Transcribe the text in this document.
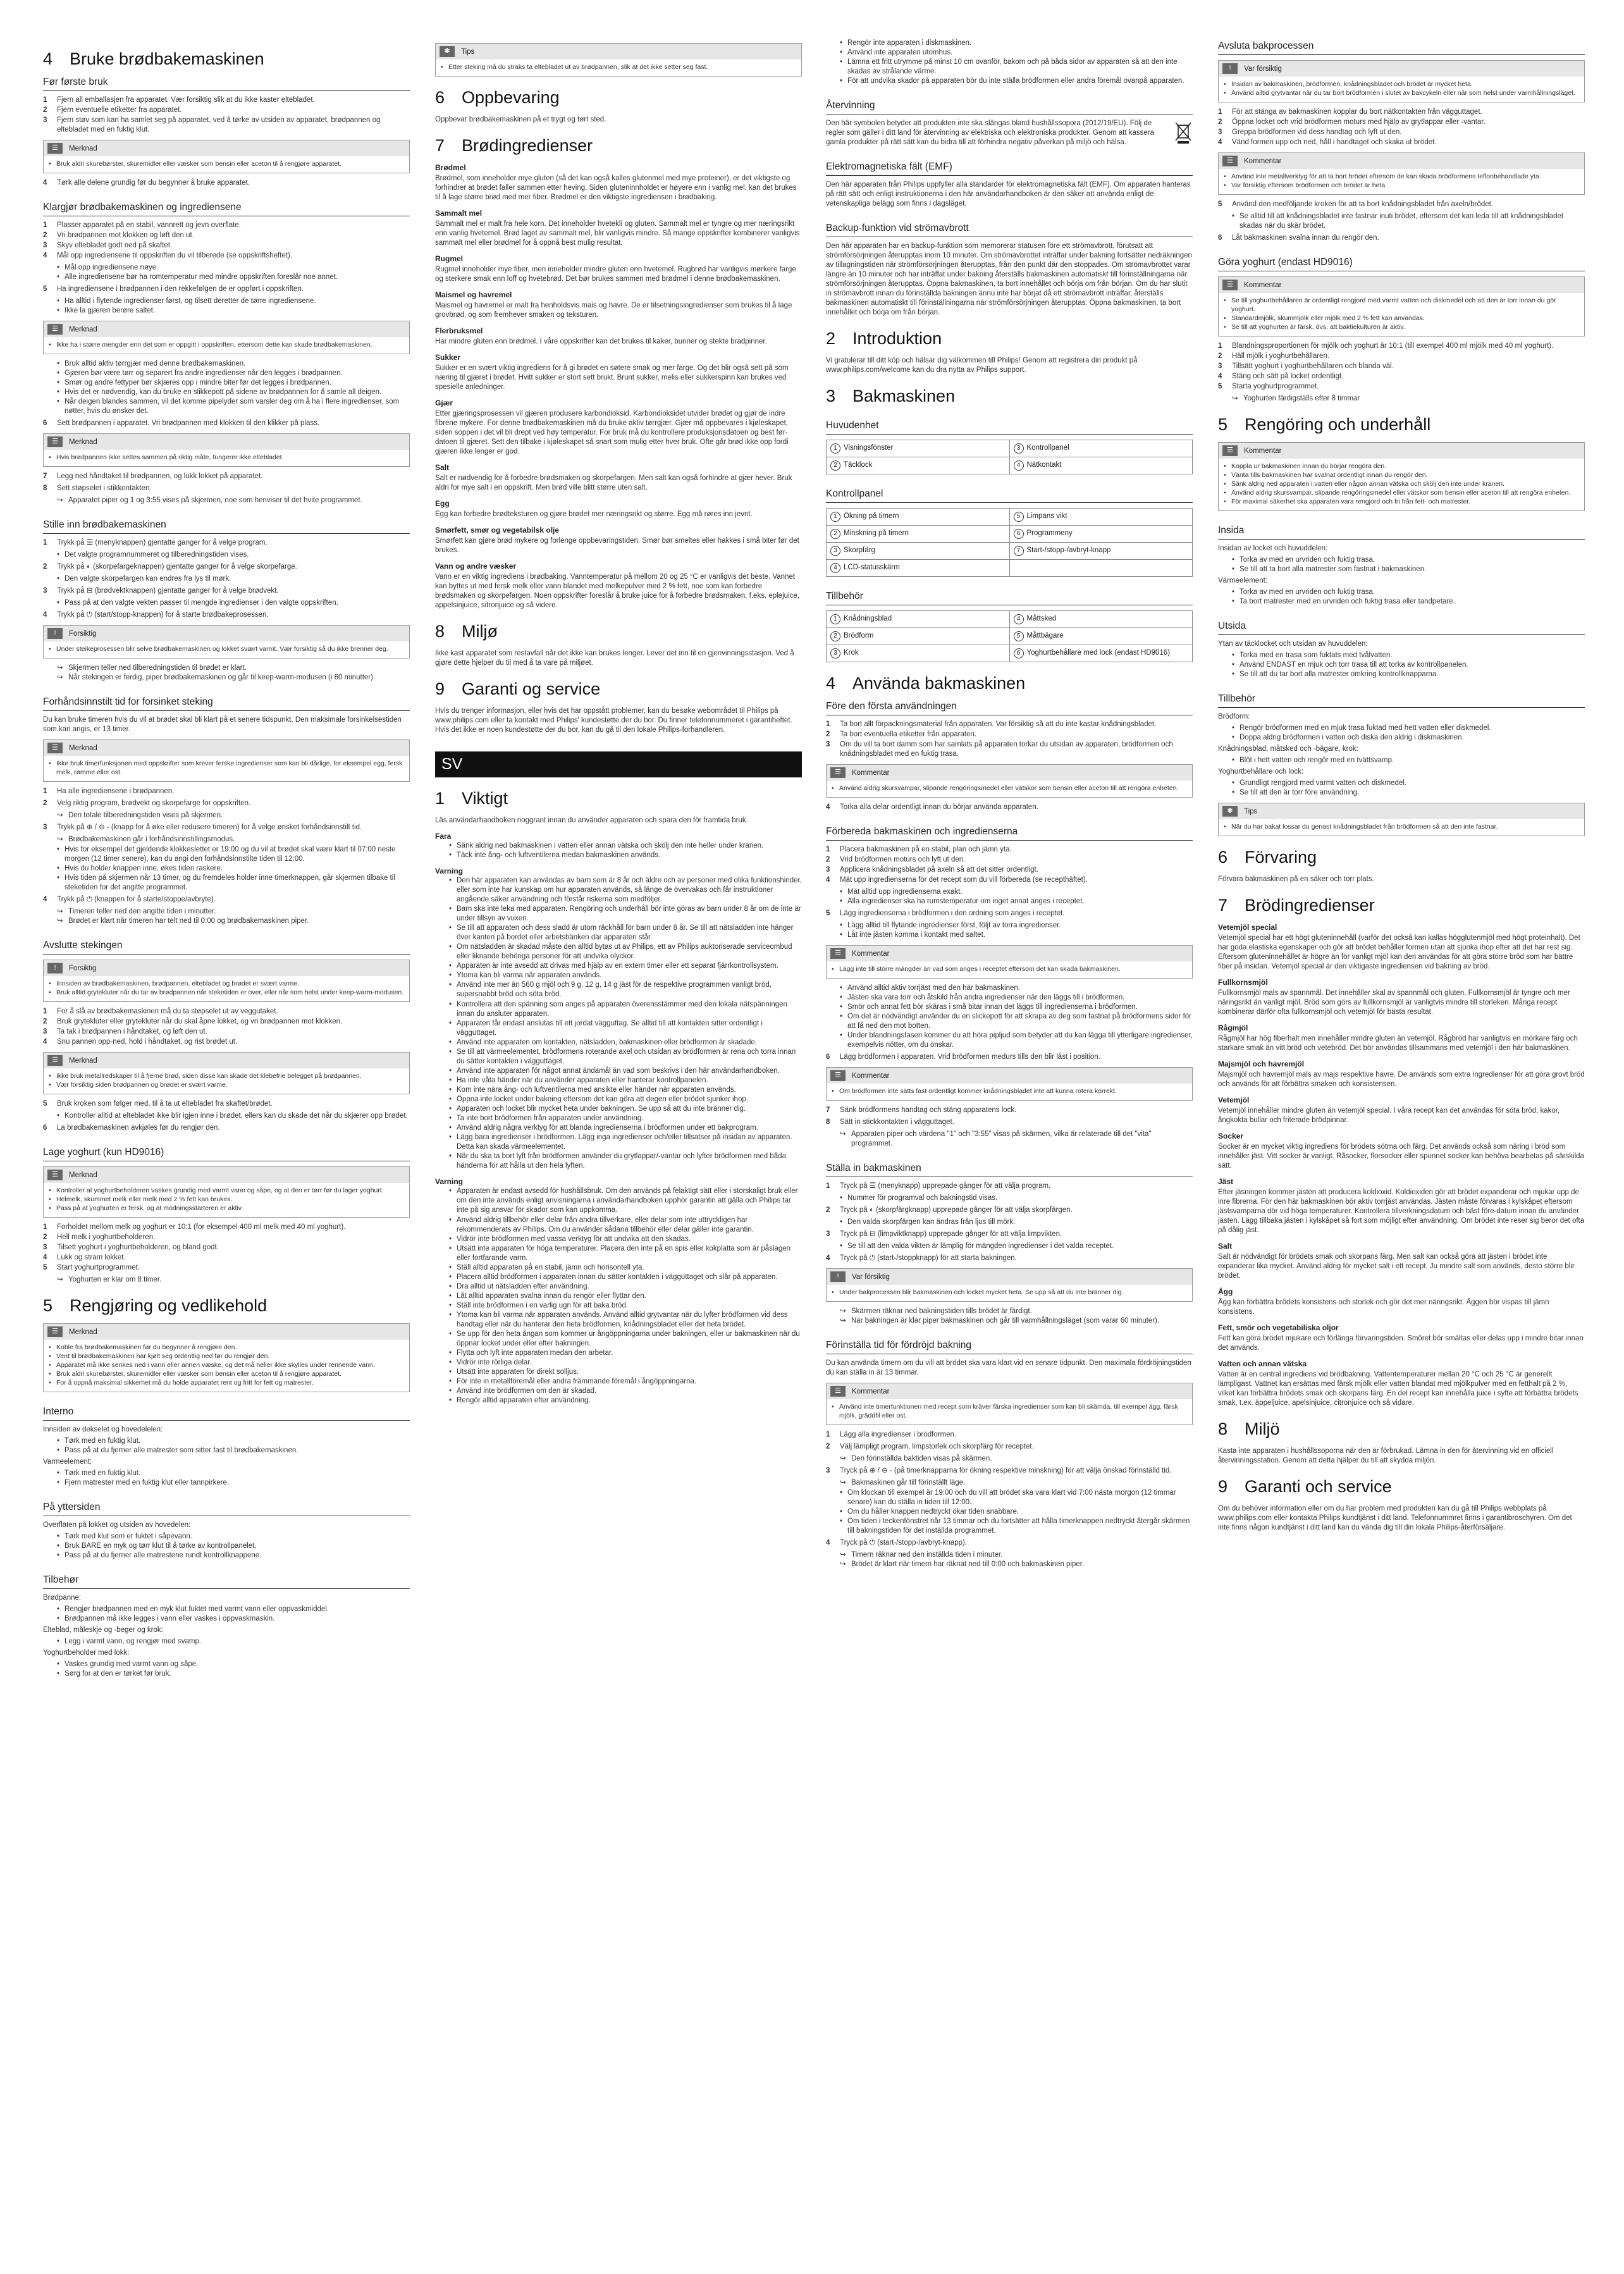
4 Bruke brødbakemaskinen
Før første bruk
1 Fjern all emballasjen fra apparatet. Vær forsiktig slik at du ikke kaster eltebladet.
2 Fjern eventuelle etiketter fra apparatet.
3 Fjern støv som kan ha samlet seg på apparatet, ved å tørke av utsiden av apparatet, brødpannen og eltebladet med en fuktig klut.
☰	Merknad
• Bruk aldri skurebørster, skuremidler eller væsker som bensin eller aceton til å rengjøre apparatet.
4 Tørk alle delene grundig før du begynner å bruke apparatet.
Klargjør brødbakemaskinen og ingrediensene
1 Plasser apparatet på en stabil, vannrett og jevn overflate.
2 Vri brødpannen mot klokken og løft den ut.
3 Skyv eltebladet godt ned på skaftet.
4 Mål opp ingrediensene til oppskriften du vil tilberede (se oppskriftsheftet).
• Mål opp ingrediensene nøye.
• Alle ingrediensene bør ha romtemperatur med mindre oppskriften foreslår noe annet.
5 Ha ingrediensene i brødpannen i den rekkefølgen de er oppført i oppskriften.
• Ha alltid i flytende ingredienser først, og tilsett deretter de tørre ingrediensene.
• Ikke la gjæren berøre saltet.
☰	Merknad
• Ikke ha i større mengder enn det som er oppgitt i oppskriften, ettersom dette kan skade brødbakemaskinen.
• Bruk alltid aktiv tørrgjær med denne brødbakemaskinen.
• Gjæren bør være tørr og separert fra andre ingredienser når den legges i brødpannen.
• Smør og andre fettyper bør skjæres opp i mindre biter før det legges i brødpannen.
• Hvis det er nødvendig, kan du bruke en slikkepott på sidene av brødpannen for å samle all deigen.
• Når deigen blandes sammen, vil det komme pipelyder som varsler deg om å ha i flere ingredienser, som nøtter, hvis du ønsker det.
6 Sett brødpannen i apparatet. Vri brødpannen med klokken til den klikker på plass.
☰	Merknad
• Hvis brødpannen ikke settes sammen på riktig måte, fungerer ikke eltebladet.
7 Legg ned håndtaket til brødpannen, og lukk lokket på apparatet.
8 Sett støpselet i stikkontakten.
↪ Apparatet piper og 1 og 3:55 vises på skjermen, noe som henviser til det hvite programmet.
Stille inn brødbakemaskinen
1 Trykk på ☰ (menyknappen) gjentatte ganger for å velge program.
• Det valgte programnummeret og tilberedningstiden vises.
2 Trykk på ◐ (skorpefargeknappen) gjentatte ganger for å velge skorpefarge.
• Den valgte skorpefargen kan endres fra lys til mørk.
3 Trykk på ⊟ (brødvektknappen) gjentatte ganger for å velge brødvekt.
• Pass på at den valgte vekten passer til mengde ingredienser i den valgte oppskriften.
4 Trykk på ⏻ (start/stopp-knappen) for å starte brødbakeprosessen.
!	Forsiktig
• Under steikeprosessen blir selve brødbakemaskinen og lokket svært varmt. Vær forsiktig så du ikke brenner deg.
↪ Skjermen teller ned tilberedningstiden til brødet er klart.
↪ Når stekingen er ferdig, piper brødbakemaskinen og går til keep-warm-modusen (i 60 minutter).
Forhåndsinnstilt tid for forsinket steking

Du kan bruke timeren hvis du vil at brødet skal bli klart på et senere tidspunkt. Den maksimale forsinkelsestiden som kan angis, er 13 timer.

☰	Merknad
• Ikke bruk timerfunksjonen med oppskrifter som krever ferske ingredienser som kan bli dårlige, for eksempel egg, fersk melk, rømme eller ost.
1 Ha alle ingrediensene i brødpannen.
2 Velg riktig program, brødvekt og skorpefarge for oppskriften.
↪ Den totale tilberedningstiden vises på skjermen.
3 Trykk på ⊕ / ⊖ - (knapp for å øke eller redusere timeren) for å velge ønsket forhåndsinnstilt tid.
↪ Brødbakemaskinen går i forhåndsinnstillingsmodus.
• Hvis for eksempel det gjeldende klokkeslettet er 19:00 og du vil at brødet skal være klart til 07:00 neste morgen (12 timer senere), kan du angi den forhåndsinnstilte tiden til 12:00.
• Hvis du holder knappen inne, økes tiden raskere.
• Hvis tiden på skjermen når 13 timer, og du fremdeles holder inne timerknappen, går skjermen tilbake til steketiden for det angitte programmet.
4 Trykk på ⏻ (knappen for å starte/stoppe/avbryte).
↪ Timeren teller ned den angitte tiden i minutter.
↪ Brødet er klart når timeren har telt ned til 0:00 og brødbakemaskinen piper.
Avslutte stekingen
!	Forsiktig
• Innsiden av brødbakemaskinen, brødpannen, eltebladet og brødet er svært varme.
• Bruk alltid grytekluter når du tar av brødpannen når steketiden er over, eller når som helst under keep-warm-modusen.
1 For å slå av brødbakemaskinen må du ta støpselet ut av veggutaket.
2 Bruk grytekluter eller grytekluter når du skal åpne lokket, og vri brødpannen mot klokken.
3 Ta tak i brødpannen i håndtaket, og løft den ut.
4 Snu pannen opp-ned, hold i håndtaket, og rist brødet ut.
☰	Merknad
• Ikke bruk metallredskaper til å fjerne brød, siden disse kan skade det klebefrie belegget på brødpannen.
• Vær forsiktig siden brødpannen og brødet er svært varme.
5 Bruk kroken som følger med, til å ta ut eltebladet fra skaftet/brødet.
• Kontroller alltid at eltebladet ikke blir igjen inne i brødet, ellers kan du skade det når du skjærer opp brødet.
6 La brødbakemaskinen avkjøles før du rengjør den.
Lage yoghurt (kun HD9016)
☰	Merknad
• Kontroller at yoghurtbeholderen vaskes grundig med varmt vann og såpe, og at den er tørr før du lager yoghurt.
• Helmelk, skummet melk eller melk med 2 % fett kan brukes.
• Pass på at yoghurten er fersk, og at modningsstarteren er aktiv.
1 Forholdet mellom melk og yoghurt er 10:1 (for eksempel 400 ml melk med 40 ml yoghurt).
2 Hell melk i yoghurtbeholderen.
3 Tilsett yoghurt i yoghurtbeholderen, og bland godt.
4 Lukk og stram lokket.
5 Start yoghurtprogrammet.
↪ Yoghurten er klar om 8 timer.
5 Rengjøring og vedlikehold
☰	Merknad
• Koble fra brødbakemaskinen før du begynner å rengjøre den.
• Vent til brødbakemaskinen har kjølt seg ordentlig ned før du rengjør den.
• Apparatet må ikke senkes ned i vann eller annen væske, og det må heller ikke skylles under rennende vann.
• Bruk aldri skurebørster, skuremidler eller væsker som bensin eller aceton til å rengjøre apparatet.
• For å oppnå maksimal sikkerhet må du holde apparatet rent og fritt for fett og matrester.
Interno

Innsiden av dekselet og hovedelelen:

• Tørk med en fuktig klut.
• Pass på at du fjerner alle matrester som sitter fast til brødbakemaskinen.

Varmeelement:

• Tørk med en fuktig klut.
• Fjern matrester med en fuktig klut eller tannpirkere.
På yttersiden

Overflaten på lokket og utsiden av hovedelen:

• Tørk med klut som er fuktet i såpevann.
• Bruk BARE en myk og tørr klut til å tørke av kontrollpanelet.
• Pass på at du fjerner alle matrestene rundt kontrollknappene.
Tilbehør

Brødpanne:

• Rengjør brødpannen med en myk klut fuktet med varmt vann eller oppvaskmiddel.
• Brødpannen må ikke legges i vann eller vaskes i oppvaskmaskin.

Elteblad, måleskje og -beger og krok:

• Legg i varmt vann, og rengjør med svamp.

Yoghurtbeholder med lokk:

• Vaskes grundig med varmt vann og såpe.
• Sørg for at den er tørket før bruk.
✱	Tips
• Etter steking må du straks ta eltebladet ut av brødpannen, slik at det ikke setter seg fast.
6 Oppbevaring

Oppbevar brødbakemaskinen på et trygt og tørt sted.

7 Brødingredienser
Brødmel

Brødmel, som inneholder mye gluten (så det kan også kalles glutenmel med mye proteiner), er det viktigste og forhindrer at brødet faller sammen etter heving. Siden gluteninnholdet er høyere enn i vanlig mel, kan det brukes til å lage større brød med mer fiber. Brødmel er den viktigste ingrediensen i brødbaking.

Sammalt mel

Sammalt mel er malt fra hele korn. Det inneholder hveteklí og gluten. Sammalt mel er tyngre og mer næringsrikt enn vanlig hvetemel. Brød laget av sammalt mel, blir vanligvis mindre. Så mange oppskrifter kombinerer vanligvis sammalt mel eller brødmel for å oppnå best mulig resultat.

Rugmel

Rugmel inneholder mye fiber, men inneholder mindre gluten enn hvetemel. Rugbrød har vanligvis mørkere farge og sterkere smak enn loff og hvetebrød. Det bør brukes sammen med brødmel i denne brødbakemaskinen.

Maismel og havremel

Maismel og havremel er malt fra henholdsvis mais og havre. De er tilsetningsingredienser som brukes til å lage grovbrød, og som fremhever smaken og teksturen.

Flerbruksmel

Har mindre gluten enn brødmel. I våre oppskrifter kan det brukes til kaker, bunner og stekte bradpinner.

Sukker

Sukker er en svært viktig ingrediens for å gi brødet en søtere smak og mer farge. Og det blir også sett på som næring til gjæret i brødet. Hvitt sukker er stort sett brukt. Brunt sukker, melis eller sukkerspinn kan brukes ved spesielle anledninger.

Gjær

Etter gjæringsprosessen vil gjæren produsere karbondioksid. Karbondioksidet utvider brødet og gjør de indre fibrene mykere. For denne brødbakemaskinen må du bruke aktiv tørrgjær. Gjær må oppbevares i kjøleskapet, siden soppen i det vil bli drept ved høy temperatur. For bruk må du kontrollere produksjonsdatoen og best før-datoen til gjæret. Sett den tilbake i kjøleskapet så snart som mulig etter hver bruk. Ofte går brød ikke opp fordi gjæren ikke lenger er god.

Salt

Salt er nødvendig for å forbedre brødsmaken og skorpefargen. Men salt kan også forhindre at gjær hever. Bruk aldri for mye salt i en oppskrift. Men brød ville blitt større uten salt.

Egg

Egg kan forbedre brødteksturen og gjøre brødet mer næringsrikt og større. Egg må røres inn jevnt.

Smørfett, smør og vegetabilsk olje

Smørfett kan gjøre brød mykere og forlenge oppbevaringstiden. Smør bør smeltes eller hakkes i små biter før det brukes.

Vann og andre væsker

Vann er en viktig ingrediens i brødbaking. Vanntemperatur på mellom 20 og 25 °C er vanligvis det beste. Vannet kan byttes ut med fersk melk eller vann blandet med melkepulver med 2 % fett, noe som kan forbedre brødsmaken og skorpefargen. Noen oppskrifter foreslår å bruke juice for å forbedre brødsmaken, f.eks. eplejuice, appelsinjuice, sitronjuice og så videre.

8 Miljø

Ikke kast apparatet som restavfall når det ikke kan brukes lenger. Lever det inn til en gjenvinningsstasjon. Ved å gjøre dette hjelper du til med å ta vare på miljøet.

9 Garanti og service

Hvis du trenger informasjon, eller hvis det har oppstått problemer, kan du besøke webområdet til Philips på www.philips.com eller ta kontakt med Philips' kundestøtte der du bor. Du finner telefonnummeret i garantiheftet. Hvis det ikke er noen kundestøtte der du bor, kan du gå til den lokale Philips-forhandleren.

SV
1 Viktigt

Läs användarhandboken noggrant innan du använder apparaten och spara den för framtida bruk.

Fara
• Sänk aldrig ned bakmaskinen i vatten eller annan vätska och skölj den inte heller under kranen.
• Täck inte ång- och luftventilerna medan bakmaskinen används.
Varning
• Den här apparaten kan användas av barn som är 8 år och äldre och av personer med olika funktionshinder, eller som inte har kunskap om hur apparaten används, så länge de övervakas och får instruktioner angående säker användning och förstår riskerna som medföljer.
• Barn ska inte leka med apparaten. Rengöring och underhåll bör inte göras av barn under 8 år om de inte är under tillsyn av vuxen.
• Se till att apparaten och dess sladd är utom räckhåll för barn under 8 år. Se till att nätsladden inte hänger över kanten på bordet eller arbetsbänken där apparaten står.
• Om nätsladden är skadad måste den alltid bytas ut av Philips, ett av Philips auktoriserade serviceombud eller liknande behöriga personer för att undvika olyckor.
• Apparaten är inte avsedd att drivas med hjälp av en extern timer eller ett separat fjärrkontrollsystem.
• Ytoma kan bli varma när apparaten används.
• Använd inte mer än 560 g mjöl och 9 g, 12 g, 14 g jäst för de respektive programmen vanligt bröd, supersnabbt bröd och söta bröd.
• Kontrollera att den spänning som anges på apparaten överensstämmer med den lokala nätspänningen innan du ansluter apparaten.
• Apparaten får endast anslutas till ett jordat vägguttag. Se alltid till att kontakten sitter ordentligt i vägguttaget.
• Använd inte apparaten om kontakten, nätsladden, bakmaskinen eller brödformen är skadade.
• Se till att värmeelementet, brödformens roterande axel och utsidan av brödformen är rena och torra innan du sätter kontakten i vägguttaget.
• Använd inte apparaten för något annat ändamål än vad som beskrivs i den här användarhandboken.
• Ha inte våta händer när du använder apparaten eller hanterar kontrollpanelen.
• Kom inte nära ång- och luftventilerna med ansikte eller händer när apparaten används.
• Öppna inte locket under bakning eftersom det kan göra att degen eller brödet sjunker ihop.
• Apparaten och locket blir mycket heta under bakningen. Se upp så att du inte bränner dig.
• Ta inte bort brödformen från apparaten under användning.
• Använd aldrig några verktyg för att blanda ingredienserna i brödformen under ett bakprogram.
• Lägg bara ingredienser i brödformen. Lägg inga ingredienser och/eller tillsatser på insidan av apparaten. Detta kan skada värmeelementet.
• När du ska ta bort lyft från brödformen använder du grytlappar/-vantar och lyfter brödformen med båda händerna för att hålla ut den hela lyften.
Varning
• Apparaten är endast avsedd för hushållsbruk. Om den används på felaktigt sätt eller i storskaligt bruk eller om den inte används enligt anvisningarna i användarhandboken upphör garantin att gälla och Philips tar inte på sig ansvar för skador som kan uppkomma.
• Använd aldrig tillbehör eller delar från andra tillverkare, eller delar som inte uttryckligen har rekommenderats av Philips. Om du använder sådana tillbehör eller delar gäller inte garantin.
• Vidrör inte brödformen med vassa verktyg för att undvika att den skadas.
• Utsätt inte apparaten för höga temperaturer. Placera den inte på en spis eller kokplatta som är påslagen eller fortfarande varm.
• Ställ alltid apparaten på en stabil, jämn och horisontell yta.
• Placera alltid brödformen i apparaten innan du sätter kontakten i vägguttaget och slår på apparaten.
• Dra alltid ut nätsladden efter användning.
• Låt alltid apparaten svalna innan du rengör eller flyttar den.
• Ställ inte brödformen i en varlig ugn för att baka bröd.
• Ytoma kan bli varma när apparaten används. Använd alltid grytvantar när du lyfter brödformen vid dess handtag eller när du hanterar den heta brödformen, knådningsbladet eller det heta brödet.
• Se upp för den heta ångan som kommer ur ångöppningarna under bakningen, eller ur bakmaskinen när du öppnar locket under eller efter bakningen.
• Flytta och lyft inte apparaten medan den arbetar.
• Vidrör inte rörliga delar.
• Utsätt inte apparaten för direkt solljus.
• För inte in metallföremål eller andra främmande föremål i ångöppningarna.
• Använd inte brödformen om den är skadad.
• Rengör alltid apparaten efter användning.
• Rengör inte apparaten i diskmaskinen.
• Använd inte apparaten utomhus.
• Lämna ett fritt utrymme på minst 10 cm ovanför, bakom och på båda sidor av apparaten så att den inte skadas av strålande värme.
• För att undvika skador på apparaten bör du inte ställa brödformen eller andra föremål ovanpå apparaten.
Återvinning

Den här symbolen betyder att produkten inte ska slängas bland hushållssopora (2012/19/EU). Följ de regler som gäller i ditt land för återvinning av elektriska och elektroniska produkter. Genom att kassera gamla produkter på rätt sätt kan du bidra till att förhindra negativ påverkan på miljö och hälsa.

Elektromagnetiska fält (EMF)

Den här apparaten från Philips uppfyller alla standarder för elektromagnetiska fält (EMF). Om apparaten hanteras på rätt sätt och enligt instruktionerna i den här användarhandboken är den säker att använda enligt de vetenskapliga belägg som finns i dagsläget.

Backup-funktion vid strömavbrott

Den här apparaten har en backup-funktion som memorerar statusen före ett strömavbrott, förutsatt att strömförsörjningen återupptas inom 10 minuter. Om strömavbrottet inträffar under bakning fortsätter nedräkningen av tillagningstiden när strömförsörjningen återupptas, från den punkt där den stoppades. Om strömavbrottet varar längre än 10 minuter och har inträffat under bakning återställs bakmaskinen automatiskt till förinställningarna när strömförsörjningen återupptas. Öppna bakmaskinen, ta bort innehållet och börja om från början. Om du har slutit in strömavbrott innan du förinställda bakningen ännu inte har börjat då ett strömavbrott inträffar, återställs bakmaskinen automatiskt till förinställningarna när strömförsörjningen återupptas. Öppna bakmaskinen, ta bort innehållet och börja om från början.

2 Introduktion

Vi gratulerar till ditt köp och hälsar dig välkommen till Philips! Genom att registrera din produkt på www.philips.com/welcome kan du dra nytta av Philips support.

3 Bakmaskinen
Huvudenhet
1 Visningsfönster	3 Kontrollpanel
2 Täcklock	4 Nätkontakt
Kontrollpanel
1 Ökning på timern	5 Limpans vikt
2 Minskning på timern	6 Programmeny
3 Skorpfärg	7 Start-/stopp-/avbryt-knapp
4 LCD-statusskärm	
Tillbehör
1 Knådningsblad	4 Måttsked
2 Brödform	5 Måttbägare
3 Krok	6 Yoghurtbehållare med lock (endast HD9016)
4 Använda bakmaskinen
Före den första användningen
1 Ta bort allt förpackningsmaterial från apparaten. Var försiktig så att du inte kastar knådningsbladet.
2 Ta bort eventuella etiketter från apparaten.
3 Om du vill ta bort damm som har samlats på apparaten torkar du utsidan av apparaten, brödformen och knådningsbladet med en fuktig trasa.
☰	Kommentar
• Använd aldrig skursvampar, slipande rengöringsmedel eller vätskor som bensin eller aceton till att rengöra enheten.
4 Torka alla delar ordentligt innan du börjar använda apparaten.
Förbereda bakmaskinen och ingredienserna
1 Placera bakmaskinen på en stabil, plan och jämn yta.
2 Vrid brödformen moturs och lyft ut den.
3 Applicera knådningsbladet på axeln så att det sitter ordentligt.
4 Mät upp ingredienserna för det recept som du vill förbereda (se recepthäftet).
• Mät alltid upp ingredienserna exakt.
• Alla ingredienser ska ha rumstemperatur om inget annat anges i receptet.
5 Lägg ingredienserna i brödformen i den ordning som anges i receptet.
• Lägg alltid till flytande ingredienser först, följt av torra ingredienser.
• Låt inte jästen komma i kontakt med saltet.
☰	Kommentar
• Lägg inte till större mängder än vad som anges i receptet eftersom det kan skada bakmaskinen.
• Använd alltid aktiv torrjäst med den här bakmaskinen.
• Jästen ska vara torr och åtskild från andra ingredienser när den läggs till i brödformen.
• Smör och annat fett bör skäras i små bitar innan det läggs till ingredienserna i brödformen.
• Om det är nödvändigt använder du en slickepott för att skrapa av deg som fastnat på brödformens sidor för att få ned den mot botten.
• Under blandningsfasen kommer du att höra pipljud som betyder att du kan lägga till ytterligare ingredienser, exempelvis nötter, om du önskar.
6 Lägg brödformen i apparaten. Vrid brödformen medurs tills den blir låst i position.
☰	Kommentar
• Om brödformen inte sätts fast ordentligt kommer knådningsbladet inte att kunna rotera korrekt.
7 Sänk brödformens handtag och stäng apparatens lock.
8 Sätt in stickkontakten i vägguttaget.
↪ Apparaten piper och värdena "1" och "3:55" visas på skärmen, vilka är relaterade till det "vita" programmet.
Ställa in bakmaskinen
1 Tryck på ☰ (menyknapp) upprepade gånger för att välja program.
• Nummer för programval och bakningstid visas.
2 Tryck på ◐ (skorpfärgknapp) upprepade gånger för att välja skorpfärgen.
• Den valda skorpfärgen kan ändras från ljus till mörk.
3 Tryck på ⊟ (limpviktknapp) upprepade gånger för att välja limpvikten.
• Se till att den valda vikten är lämplig för mängden ingredienser i det valda receptet.
4 Tryck på ⏻ (start-/stoppknapp) för att starta bakningen.
!	Var försiktig
• Under bakprocessen blir bakmaskinen och locket mycket heta. Se upp så att du inte bränner dig.
↪ Skärmen räknar ned bakningstiden tills brödet är färdigt.
↪ När bakningen är klar piper bakmaskinen och går till varmhållningsläget (som varar 60 minuter).
Förinställa tid för fördröjd bakning

Du kan använda timern om du vill att brödet ska vara klart vid en senare tidpunkt. Den maximala fördröjningstiden du kan ställa in är 13 timmar.

☰	Kommentar
• Använd inte timerfunktionen med recept som kräver färska ingredienser som kan bli skämda, till exempel ägg, färsk mjölk, gräddfil eller ost.
1 Lägg alla ingredienser i brödformen.
2 Välj lämpligt program, limpstorlek och skorpfärg för receptet.
↪ Den förinställda baktiden visas på skärmen.
3 Tryck på ⊕ / ⊖ - (på timerknapparna för ökning respektive minskning) för att välja önskad förinställd tid.
↪ Bakmaskinen går till förinställt läge.
• Om klockan till exempel är 19:00 och du vill att brödet ska vara klart vid 7:00 nästa morgon (12 timmar senare) kan du ställa in tiden till 12:00.
• Om du håller knappen nedtryckt ökar tiden snabbare.
• Om tiden i teckenfönstret når 13 timmar och du fortsätter att hålla timerknappen nedtryckt återgår skärmen till bakningstiden för det inställda programmet.
4 Tryck på ⏻ (start-/stopp-/avbryt-knapp).
↪ Timern räknar ned den inställda tiden i minuter.
↪ Brödet är klart när timern har räknat ned till 0:00 och bakmaskinen piper.
Avsluta bakprocessen
!	Var försiktig
• Insidan av bakmaskinen, brödformen, knådningsbladet och brödet är mycket heta.
• Använd alltid grytvantar när du tar bort brödformen i slutet av bakcykeln eller när som helst under varmhållningsläget.
1 För att stänga av bakmaskinen kopplar du bort nätkontakten från vägguttaget.
2 Öppna locket och vrid brödformen moturs med hjälp av grytlappar eller -vantar.
3 Greppa brödformen vid dess handtag och lyft ut den.
4 Vänd formen upp och ned, håll i handtaget och skaka ut brödet.
☰	Kommentar
• Använd inte metallverktyg för att ta bort brödet eftersom de kan skada brödformens teflonbehandlade yta.
• Var försiktig eftersom brödformen och brödet är heta.
5 Använd den medföljande kroken för att ta bort knådningsbladet från axeln/brödet.
• Se alltid till att knådningsbladet inte fastnar inuti brödet, eftersom det kan leda till att knådningsbladet skadas när du skär brödet.
6 Låt bakmaskinen svalna innan du rengör den.
Göra yoghurt (endast HD9016)
☰	Kommentar
• Se till yoghurtbehållaren är ordentligt rengjord med varmt vatten och diskmedel och att den är torr innan du gör yoghurt.
• Standardmjölk, skummjölk eller mjölk med 2 % fett kan användas.
• Se till att yoghurten är färsk, dvs. att baktiekulturen är aktiv.
1 Blandningsproportionen för mjölk och yoghurt är 10:1 (till exempel 400 ml mjölk med 40 ml yoghurt).
2 Häll mjölk i yoghurtbehållaren.
3 Tillsätt yoghurt i yoghurtbehållaren och blanda väl.
4 Stäng och sätt på locket ordentligt.
5 Starta yoghurtprogrammet.
↪ Yoghurten färdigställs efter 8 timmar
5 Rengöring och underhåll
☰	Kommentar
• Koppla ur bakmaskinen innan du börjar rengöra den.
• Vänta tills bakmaskinen har svalnat ordentligt innan du rengör den.
• Sänk aldrig ned apparaten i vatten eller någon annan vätska och skölj den inte under kranen.
• Använd aldrig skursvampar, slipande rengöringsmedel eller vätskor som bensin eller aceton till att rengöra enheten.
• För maximal säkerhet ska apparaten vara rengjord och fri från fett- och matrester.
Insida

Insidan av locket och huvuddelen:

• Torka av med en urvriden och fuktig trasa.
• Se till att ta bort alla matrester som fastnat i bakmaskinen.

Värmeelement:

• Torka av med en urvriden och fuktig trasa.
• Ta bort matrester med en urvriden och fuktig trasa eller tandpetare.
Utsida

Ytan av täcklocket och utsidan av huvuddelen:

• Torka med en trasa som fuktats med tvålvatten.
• Använd ENDAST en mjuk och torr trasa till att torka av kontrollpanelen.
• Se till att du tar bort alla matrester omkring kontrollknapparna.
Tillbehör

Brödform:

• Rengör brödformen med en mjuk trasa fuktad med hett vatten eller diskmedel.
• Doppa aldrig brödformen i vatten och diska den aldrig i diskmaskinen.

Knådningsblad, måtsked och -bägare, krok:

• Blöt i hett vatten och rengör med en tvättsvamp.

Yoghurtbehållare och lock:

• Grundligt rengjord med varmt vatten och diskmedel.
• Se till att den är torr före användning.
✱	Tips
• När du har bakat lossar du genast knådningsbladet från brödformen så att den inte fastnar.
6 Förvaring

Förvara bakmaskinen på en säker och torr plats.

7 Brödingredienser
Vetemjöl special

Vetemjöl special har ett högt gluteninnehåll (varför det också kan kallas högglutenmjöl med högt proteinhalt). Det har goda elastiska egenskaper och gör att brödet behåller formen utan att sjunka ihop efter att det har rest sig. Eftersom gluteninnehållet är högre än för vanligt mjöl kan den användas för att göra större bröd som har bättre fiber på insidan. Vetemjöl special är den viktigaste ingrediensen vid bakning av bröd.

Fullkornsmjöl

Fullkornsmjöl mals av spannmål. Det innehåller skal av spannmål och gluten. Fullkornsmjöl är tyngre och mer näringsrikt än vanligt mjöl. Bröd som görs av fullkornsmjöl är vanligtvis mindre till storleken. Många recept kombinerar därför ofta fullkornsmjöl och vetemjöl för bästa resultat.

Rågmjöl

Rågmjöl har hög fiberhalt men innehåller mindre gluten än vetemjöl. Rågbröd har vanligtvis en mörkare färg och starkare smak än vitt bröd och vetebröd. Det bör användas tillsammans med vetemjöl i den här bakmaskinen.

Majsmjöl och havremjöl

Majsmjöl och havremjöl mals av majs respektive havre. De används som extra ingredienser för att göra grovt bröd och används för att förbättra smaken och konsistensen.

Vetemjöl

Vetemjöl innehåller mindre gluten än vetemjöl special. I våra recept kan det användas för söta bröd, kakor, ångkokta bullar och friterade brödpinnar.

Socker

Socker är en mycket viktig ingrediens för brödets sötma och färg. Det används också som näring i bröd som innehåller jäst. Vitt socker är vanligt. Råsocker, florsocker eller spunnet socker kan behöva bearbetas på särskilda sätt.

Jäst

Efter jäsningen kommer jästen att producera koldioxid. Koldioxiden gör att brödet expanderar och mjukar upp de inre fibrerna. För den här bakmaskinen bör aktiv torrjäst användas. Jästen måste förvaras i kylskåpet eftersom jästsvamparna dör vid höga temperaturer. Kontrollera tillverkningsdatum och bäst före-datum innan du använder jästen. Lägg tillbaka jästen i kylskåpet så fort som möjligt efter användning. Om brödet inte reser sig beror det ofta på dålig jäst.

Salt

Salt är nödvändigt för brödets smak och skorpans färg. Men salt kan också göra att jästen i brödet inte expanderar lika mycket. Använd aldrig för mycket salt i ett recept. Ju mindre salt som används, desto större blir brödet.

Ägg

Ägg kan förbättra brödets konsistens och storlek och gör det mer näringsrikt. Äggen bör vispas till jämn konsistens.

Fett, smör och vegetabiliska oljor

Fett kan göra brödet mjukare och förlänga förvaringstiden. Smöret bör smältas eller delas upp i mindre bitar innan det används.

Vatten och annan vätska

Vatten är en central ingrediens vid brödbakning. Vattentemperaturer mellan 20 °C och 25 °C är generellt lämpligast. Vattnet kan ersättas med färsk mjölk eller vatten blandat med mjölkpulver med en fetthalt på 2 %, vilket kan förbättra brödets smak och skorpans färg. En del recept kan innehålla juice i syfte att förbättra brödets smak, t.ex. äppeljuice, apelsinjuice, citronjuice och så vidare.

8 Miljö

Kasta inte apparaten i hushållssoporna när den är förbrukad. Lämna in den för återvinning vid en officiell återvinningsstation. Genom att detta hjälper du till att skydda miljön.

9 Garanti och service

Om du behöver information eller om du har problem med produkten kan du gå till Philips webbplats på www.philips.com eller kontakta Philips kundtjänst i ditt land. Telefonnummret finns i garantibroschyren. Om det inte finns någon kundtjänst i ditt land kan du vända dig till din lokala Philips-återförsäljare.
